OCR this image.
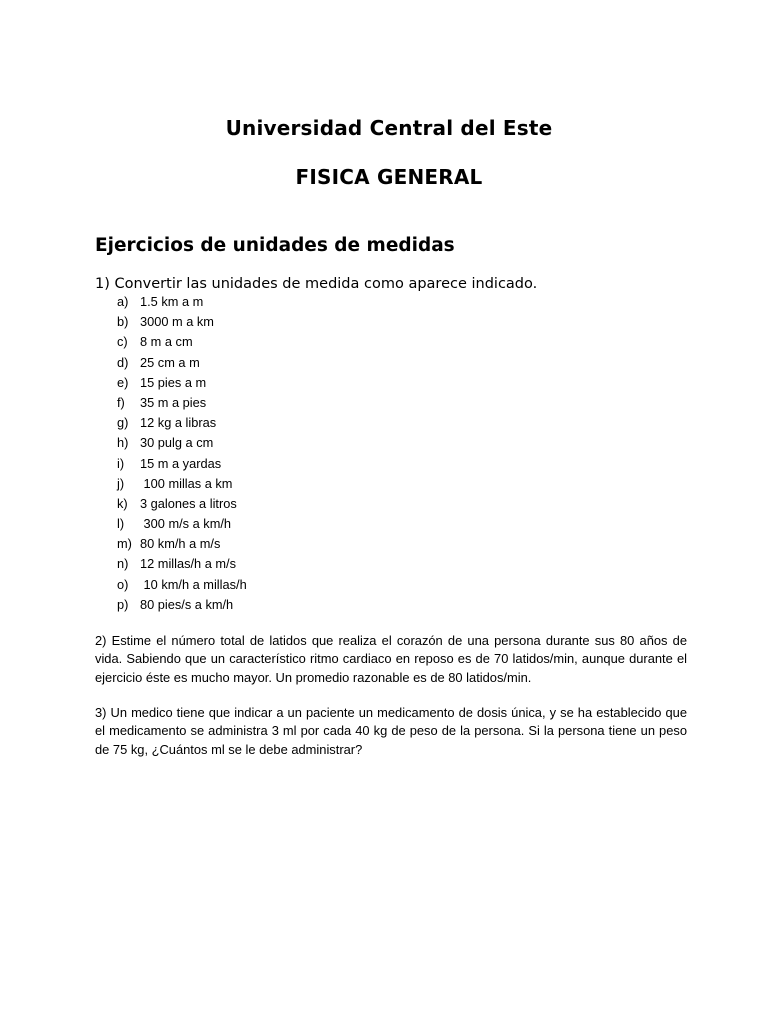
Universidad Central del Este
FISICA GENERAL
Ejercicios de unidades de medidas

1) Convertir las unidades de medida como aparece indicado.

a) 1.5 km a m
b) 3000 m a km
c) 8 m a cm
d) 25 cm a m
e) 15 pies a m
f) 35 m a pies
g) 12 kg a libras
h) 30 pulg a cm
i) 15 m a yardas
j) 100 millas a km
k) 3 galones a litros
l) 300 m/s a km/h
m) 80 km/h a m/s
n) 12 millas/h a m/s
o) 10 km/h a millas/h
p) 80 pies/s a km/h

2) Estime el número total de latidos que realiza el corazón de una persona durante sus 80 años de vida. Sabiendo que un característico ritmo cardiaco en reposo es de 70 latidos/min, aunque durante el ejercicio éste es mucho mayor. Un promedio razonable es de 80 latidos/min.

3) Un medico tiene que indicar a un paciente un medicamento de dosis única, y se ha establecido que el medicamento se administra 3 ml por cada 40 kg de peso de la persona. Si la persona tiene un peso de 75 kg, ¿Cuántos ml se le debe administrar?
